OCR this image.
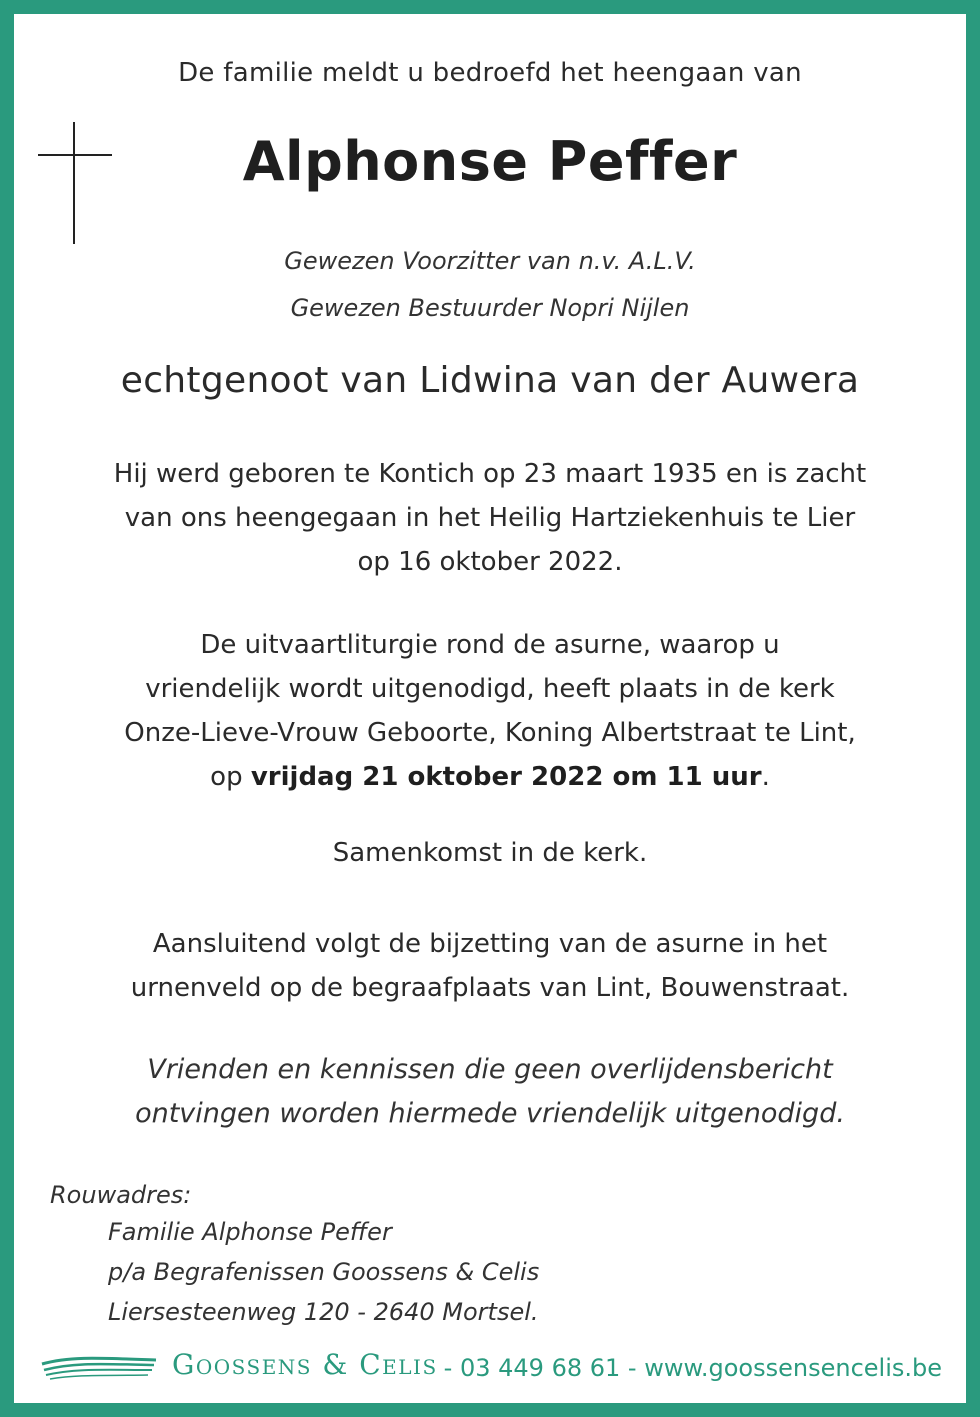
De familie meldt u bedroefd het heengaan van
Alphonse Peffer
Gewezen Voorzitter van n.v. A.L.V.
Gewezen Bestuurder Nopri Nijlen
echtgenoot van Lidwina van der Auwera
Hij werd geboren te Kontich op 23 maart 1935 en is zacht
van ons heengegaan in het Heilig Hartziekenhuis te Lier
op 16 oktober 2022.
De uitvaartliturgie rond de asurne, waarop u
vriendelijk wordt uitgenodigd, heeft plaats in de kerk
Onze-Lieve-Vrouw Geboorte, Koning Albertstraat te Lint,
op vrijdag 21 oktober 2022 om 11 uur.
Samenkomst in de kerk.
Aansluitend volgt de bijzetting van de asurne in het
urnenveld op de begraafplaats van Lint, Bouwenstraat.
Vrienden en kennissen die geen overlijdensbericht
ontvingen worden hiermede vriendelijk uitgenodigd.
Rouwadres:
Familie Alphonse Peffer
p/a Begrafenissen Goossens & Celis
Liersesteenweg 120 - 2640 Mortsel.
Goossens & Celis - 03 449 68 61 - www.goossensencelis.be
